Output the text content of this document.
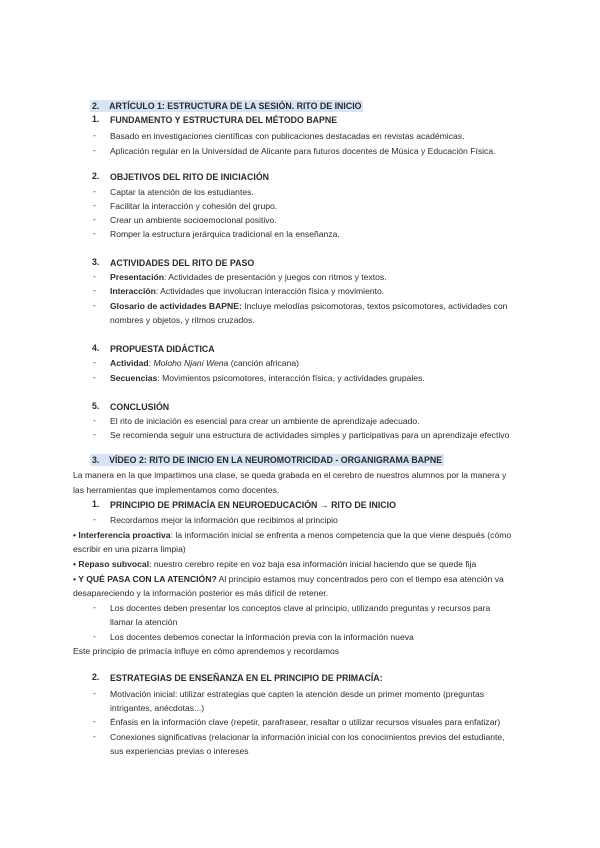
2. ARTÍCULO 1: ESTRUCTURA DE LA SESIÓN. RITO DE INICIO
1. FUNDAMENTO Y ESTRUCTURA DEL MÉTODO BAPNE
- Basado en investigaciones científicas con publicaciones destacadas en revistas académicas.
- Aplicación regular en la Universidad de Alicante para futuros docentes de Música y Educación Física.
2. OBJETIVOS DEL RITO DE INICIACIÓN
- Captar la atención de los estudiantes.
- Facilitar la interacción y cohesión del grupo.
- Crear un ambiente socioemocional positivo.
- Romper la estructura jerárquica tradicional en la enseñanza.
3. ACTIVIDADES DEL RITO DE PASO
- Presentación: Actividades de presentación y juegos con ritmos y textos.
- Interacción: Actividades que involucran interacción física y movimiento.
- Glosario de actividades BAPNE: Incluye melodías psicomotoras, textos psicomotores, actividades con
nombres y objetos, y ritmos cruzados.
4. PROPUESTA DIDÁCTICA
- Actividad: Moloho Njani Wena (canción africana)
- Secuencias: Movimientos psicomotores, interacción física, y actividades grupales.
5. CONCLUSIÓN
- El rito de iniciación es esencial para crear un ambiente de aprendizaje adecuado.
- Se recomienda seguir una estructura de actividades simples y participativas para un aprendizaje efectivo
3. VÍDEO 2: RITO DE INICIO EN LA NEUROMOTRICIDAD - ORGANIGRAMA BAPNE
La manera en la que impartimos una clase, se queda grabada en el cerebro de nuestros alumnos por la manera y
las herramientas que implementamos como docentes.
1. PRINCIPIO DE PRIMACÍA EN NEUROEDUCACIÓN → RITO DE INICIO
- Recordamos mejor la información que recibimos al principio
• Interferencia proactiva: la información inicial se enfrenta a menos competencia que la que viene después (cómo
escribir en una pizarra limpia)
• Repaso subvocal: nuestro cerebro repite en voz baja esa información inicial haciendo que se quede fija
• Y QUÉ PASA CON LA ATENCIÓN? Al principio estamos muy concentrados pero con el tiempo esa atención va
desapareciendo y la información posterior es más difícil de retener.
- Los docentes deben presentar los conceptos clave al principio, utilizando preguntas y recursos para
llamar la atención
- Los docentes debemos conectar la información previa con la información nueva
Este principio de primacía influye en cómo aprendemos y recordamos
2. ESTRATEGIAS DE ENSEÑANZA EN EL PRINCIPIO DE PRIMACÍA:
- Motivación inicial: utilizar estrategias que capten la atención desde un primer momento (preguntas
intrigantes, anécdotas...)
- Énfasis en la información clave (repetir, parafrasear, resaltar o utilizar recursos visuales para enfatizar)
- Conexiones significativas (relacionar la información inicial con los conocimientos previos del estudiante,
sus experiencias previas o intereses
